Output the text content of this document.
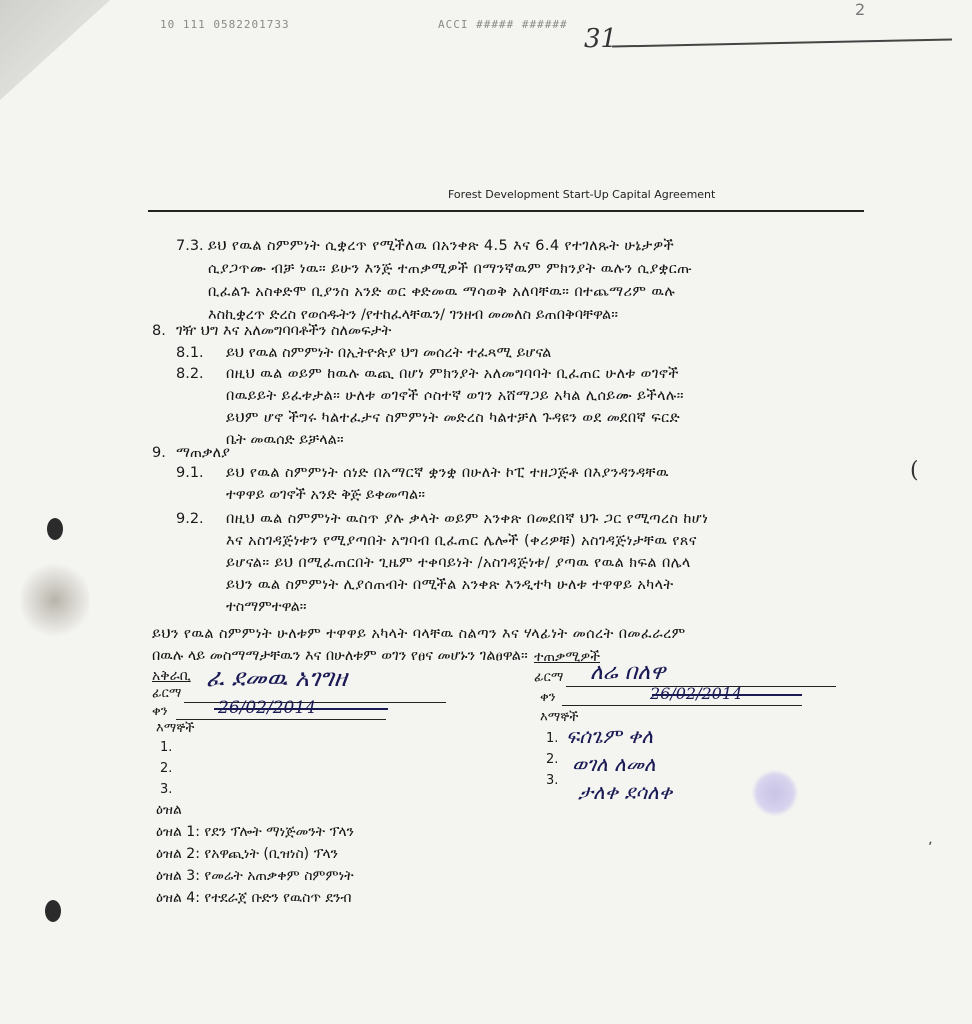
10 111 0582201733	ACCI ##### ######
2
31
Forest Development Start-Up Capital Agreement
(
ʼ
7.3. ይህ የዉል ስምምነት ሲቋረጥ የሚችለዉ በአንቀጽ 4.5 እና 6.4 የተገለጹት ሁኔታዎች
ሲያጋጥሙ ብቻ ነዉ። ይሁን እንጅ ተጠቃሚዎች በማንኛዉም ምክንያት ዉሉን ሲያቋርጡ
ቢፈልጉ አስቀድሞ ቢያንስ አንድ ወር ቀድመዉ ማሳወቅ አለባቸዉ። በተጨማሪም ዉሉ
እስኪቋረጥ ድረስ የወሰዱትን /የተከፈላቸዉን/ ገንዘብ መመለስ ይጠበቅባቸዋል።
8. ገዥ ህግ እና አለመግባባቶችን ስለመፍታት
8.1. ይህ የዉል ስምምነት በኢትዮጵያ ህግ መሰረት ተፈጻሚ ይሆናል
8.2. በዚህ ዉል ወይም ከዉሉ ዉጪ በሆነ ምክንያት አለመግባባት ቢፈጠር ሁለቱ ወገኖች
በዉይይት ይፈቱታል። ሁለቱ ወገኖች ሶስተኛ ወገን አሸማጋይ አካል ሊሰይሙ ይችላሉ።
ይህም ሆኖ ችግሩ ካልተፈታና ስምምነት መድረስ ካልተቻለ ጉዳዩን ወደ መደበኛ ፍርድ
ቤት መዉሰድ ይቻላል።
9. ማጠቃለያ
9.1. ይህ የዉል ስምምነት ሰነድ በአማርኛ ቋንቋ በሁለት ኮፒ ተዘጋጅቶ በእያንዳንዳቸዉ
ተዋዋይ ወገኖች አንድ ቅጅ ይቀመጣል።
9.2. በዚህ ዉል ስምምነት ዉስጥ ያሉ ቃላት ወይም አንቀጽ በመደበኛ ህጉ ጋር የሚጣረስ ከሆነ
እና አስገዳጅነቱን የሚያጣበት አግባብ ቢፈጠር ሌሎች (ቀሪዎቹ) አስገዳጅነታቸዉ የጸና
ይሆናል። ይህ በሚፈጠርበት ጊዜም ተቀባይነት /አስገዳጅነቱ/ ያጣዉ የዉል ክፍል በሌላ
ይህን ዉል ስምምነት ሊያሰጠብት በሚችል አንቀጽ እንዲተካ ሁለቱ ተዋዋይ አካላት
ተስማምተዋል።
ይህን የዉል ስምምነት ሁለቱም ተዋዋይ አካላት ባላቸዉ ስልጣን እና ሃላፊነት መሰረት በመፈራረም
በዉሉ ላይ መስማማታቸዉን እና በሁለቱም ወገን የፀና መሆኑን ገልፀዋል።
አቅራቢ
ፊርማ
ፈ ደመዉ አገግዘ
ቀን	26/02/2014
እማኞች
1.
2.
3.
ተጠቃሚዎች
ፊርማ ለሬ በለዋ
ቀን	26/02/2014
እማኞች
1.
2.
3.
ፍሰጌም ቀለ
ወገለ ለመለ
ታለቀ ደሳለቀ
ዕዝል
ዕዝል 1: የደን ፕሎት ማነጅመንት ፕላን
ዕዝል 2: የአዋጪነት (ቢዝነስ) ፕላን
ዕዝል 3: የመሬት አጠቃቀም ስምምነት
ዕዝል 4: የተደራጀ ቡድን የዉስጥ ደንብ
